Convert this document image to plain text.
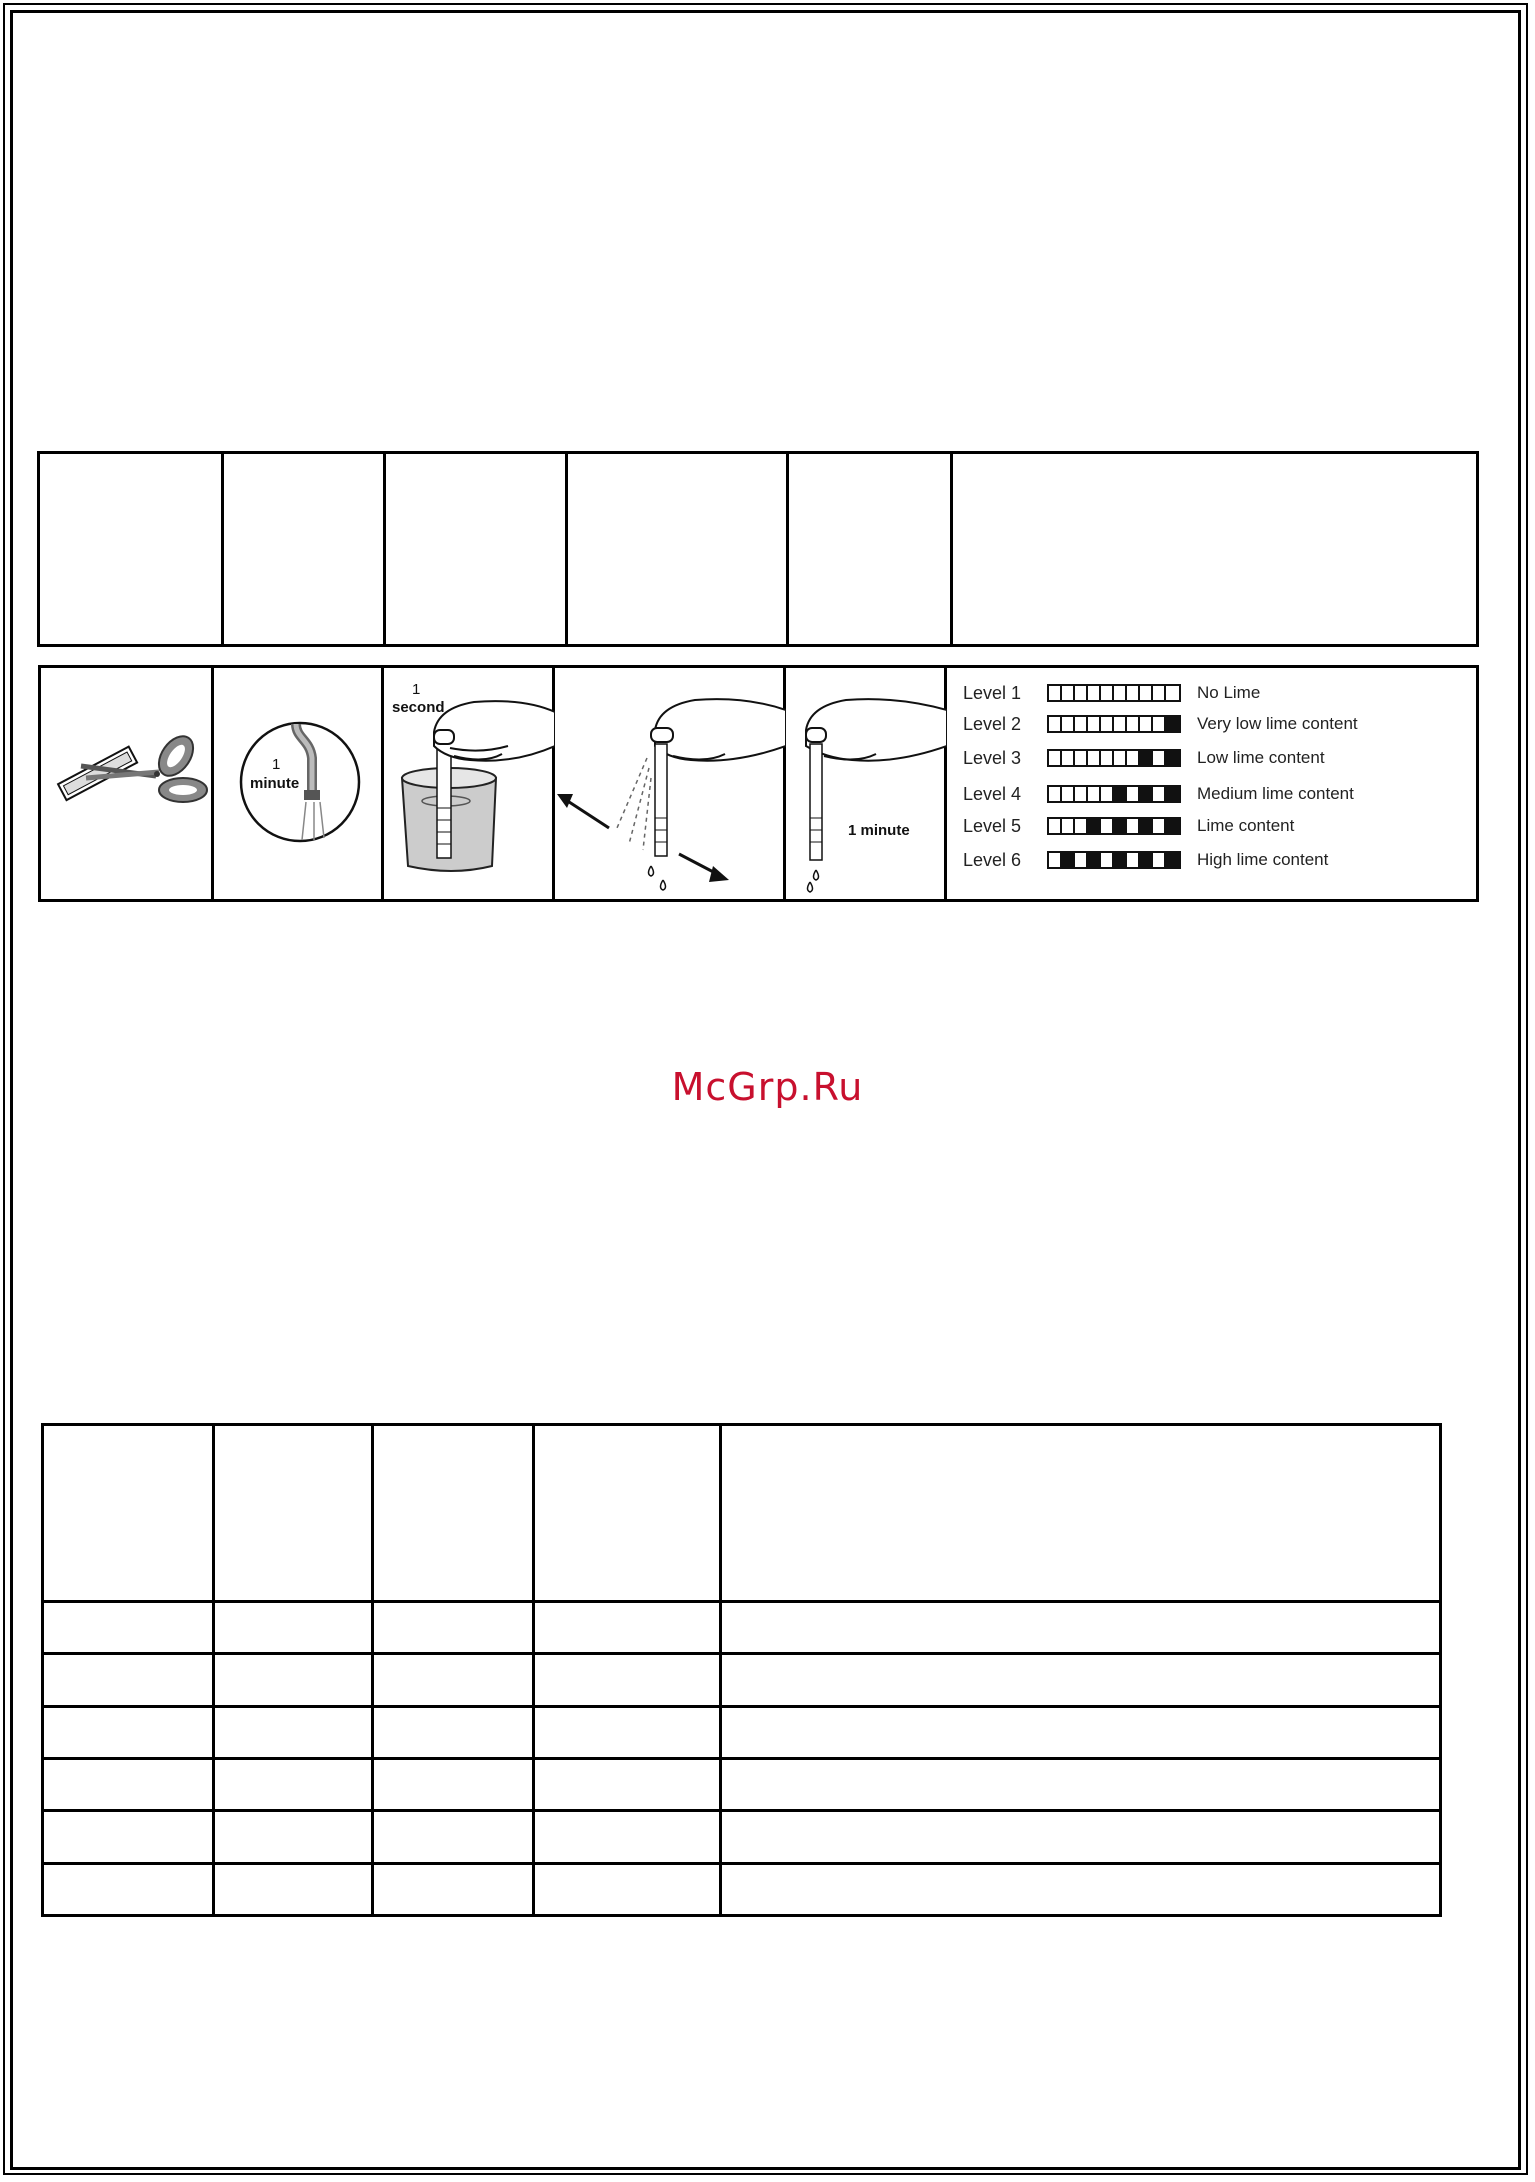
1
minute
1
second
1 minute
Level 1	No Lime
Level 2	Very low lime content
Level 3	Low lime content
Level 4	Medium lime content
Level 5	Lime content
Level 6	High lime content
McGrp.Ru
